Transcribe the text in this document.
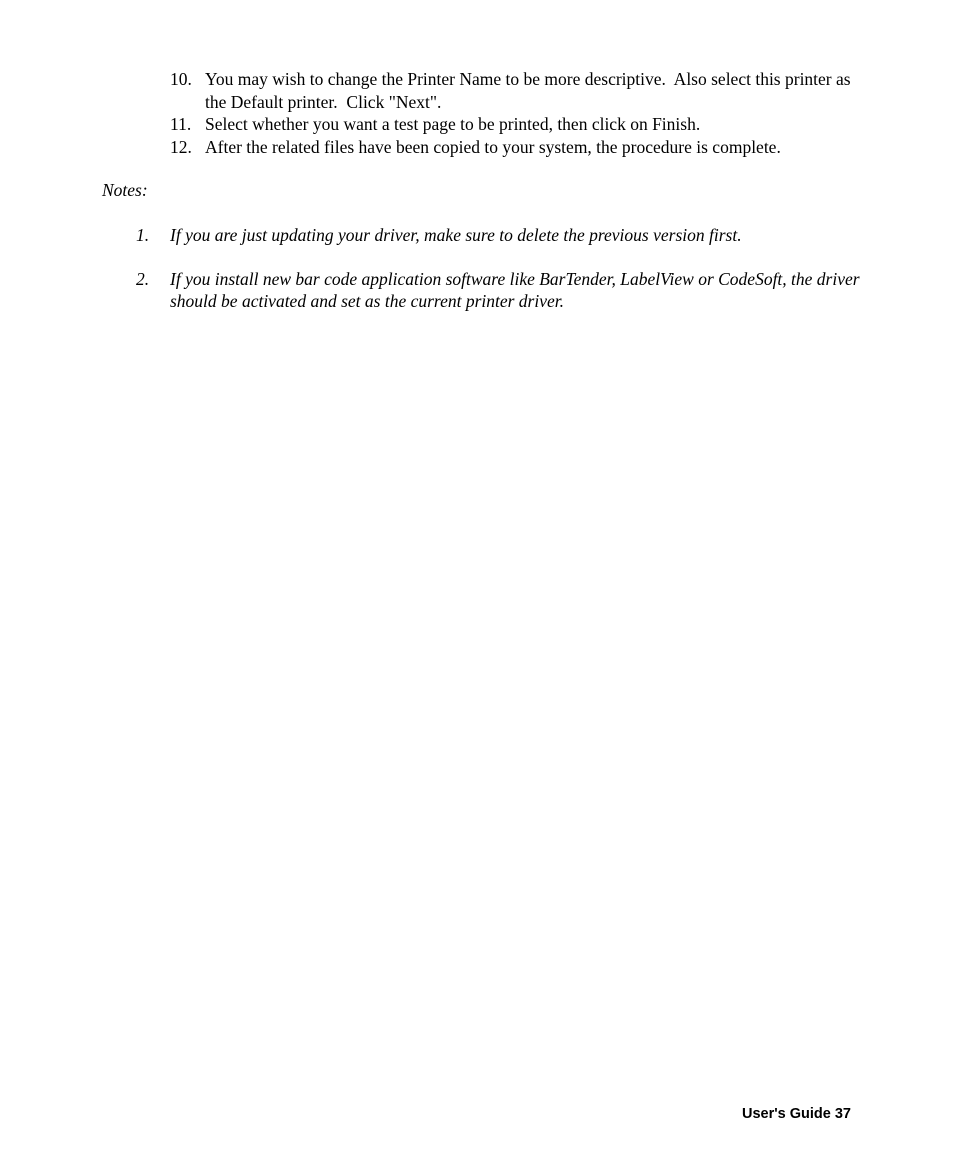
10. You may wish to change the Printer Name to be more descriptive.  Also select this printer as the Default printer.  Click "Next".
11. Select whether you want a test page to be printed, then click on Finish.
12. After the related files have been copied to your system, the procedure is complete.
Notes:
1. If you are just updating your driver, make sure to delete the previous version first.
2. If you install new bar code application software like BarTender, LabelView or CodeSoft, the driver should be activated and set as the current printer driver.
User's Guide 37
